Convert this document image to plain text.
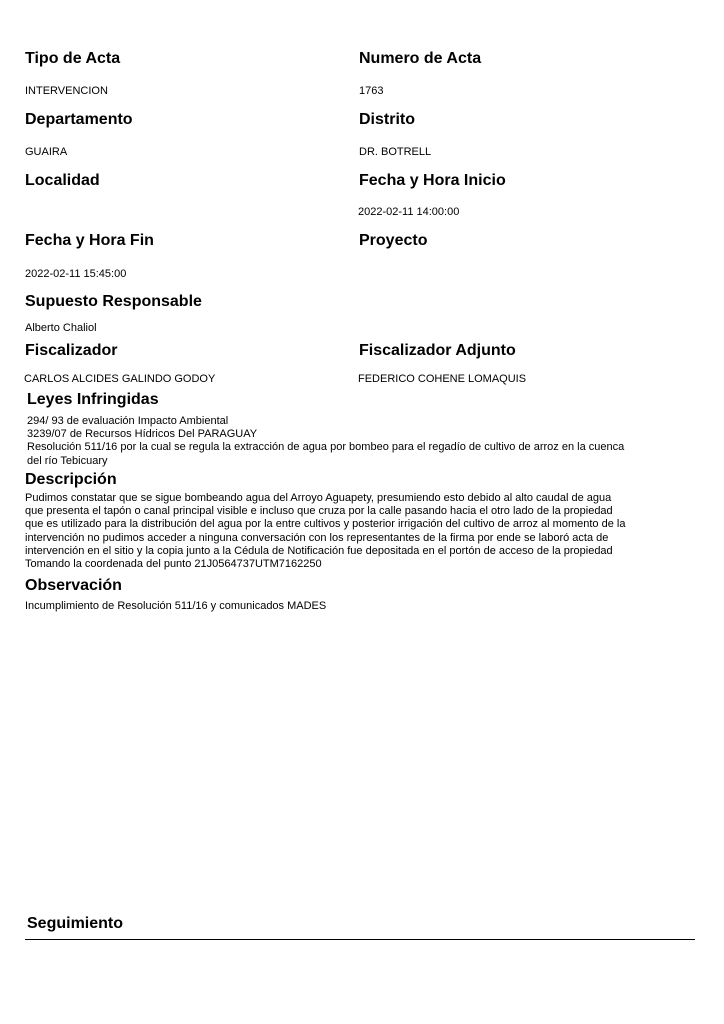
Tipo de Acta
INTERVENCION
Numero de Acta
1763
Departamento
GUAIRA
Distrito
DR. BOTRELL
Localidad	Fecha y Hora Inicio
2022-02-11 14:00:00
Fecha y Hora Fin
2022-02-11 15:45:00
Proyecto
Supuesto Responsable
Alberto Chaliol
Fiscalizador
CARLOS ALCIDES GALINDO GODOY
Fiscalizador Adjunto
FEDERICO COHENE LOMAQUIS
Leyes Infringidas
294/ 93 de evaluación Impacto Ambiental
3239/07 de Recursos Hídricos Del PARAGUAY
Resolución 511/16 por la cual se regula la extracción de agua por bombeo para el regadío de cultivo de arroz en la cuenca
del río Tebicuary
Descripción
Pudimos constatar que se sigue bombeando agua del Arroyo Aguapety, presumiendo esto debido al alto caudal de agua
que presenta el tapón o canal principal visible e incluso que cruza por la calle pasando hacia el otro lado de la propiedad
que es utilizado para la distribución del agua por la entre cultivos y posterior irrigación del cultivo de arroz al momento de la
intervención no pudimos acceder a ninguna conversación con los representantes de la firma por ende se laboró acta de
intervención en el sitio y la copia junto a la Cédula de Notificación fue depositada en el portón de acceso de la propiedad
Tomando la coordenada del punto 21J0564737UTM7162250
Observación
Incumplimiento de Resolución 511/16 y comunicados MADES
Seguimiento
